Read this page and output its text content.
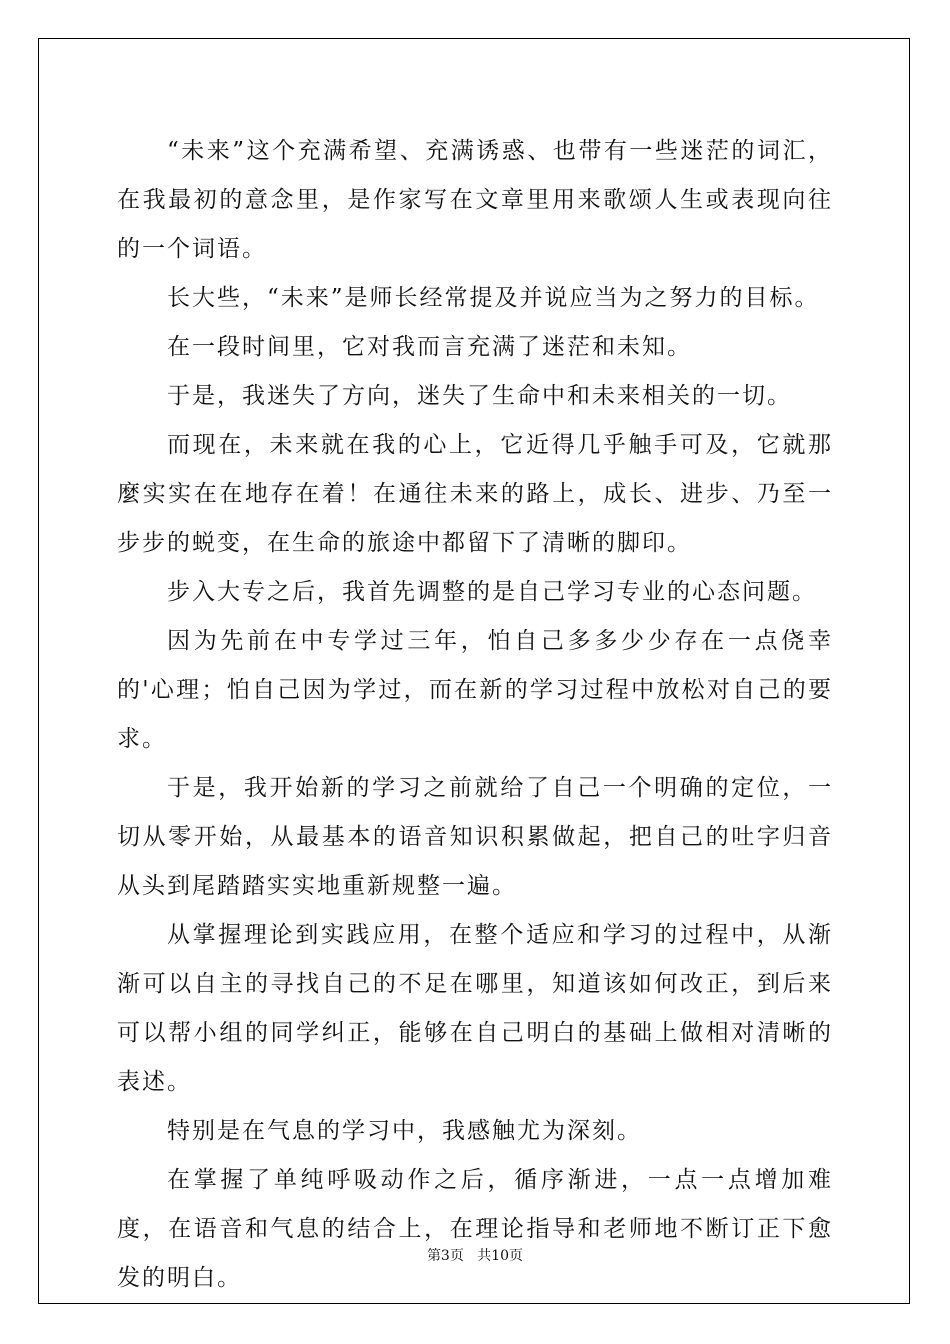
“未来”这个充满希望、充满诱惑、也带有一些迷茫的词汇，在我最初的意念里，是作家写在文章里用来歌颂人生或表现向往的一个词语。

长大些，“未来”是师长经常提及并说应当为之努力的目标。

在一段时间里，它对我而言充满了迷茫和未知。

于是，我迷失了方向，迷失了生命中和未来相关的一切。

而现在，未来就在我的心上，它近得几乎触手可及，它就那麼实实在在地存在着！在通往未来的路上，成长、进步、乃至一步步的蜕变，在生命的旅途中都留下了清晰的脚印。

步入大专之后，我首先调整的是自己学习专业的心态问题。

因为先前在中专学过三年，怕自己多多少少存在一点侥幸的'心理；怕自己因为学过，而在新的学习过程中放松对自己的要求。

于是，我开始新的学习之前就给了自己一个明确的定位，一切从零开始，从最基本的语音知识积累做起，把自己的吐字归音从头到尾踏踏实实地重新规整一遍。

从掌握理论到实践应用，在整个适应和学习的过程中，从渐渐可以自主的寻找自己的不足在哪里，知道该如何改正，到后来可以帮小组的同学纠正，能够在自己明白的基础上做相对清晰的表述。

特别是在气息的学习中，我感触尤为深刻。

在掌握了单纯呼吸动作之后，循序渐进，一点一点增加难度，在语音和气息的结合上，在理论指导和老师地不断订正下愈发的明白。

第3页 共10页
